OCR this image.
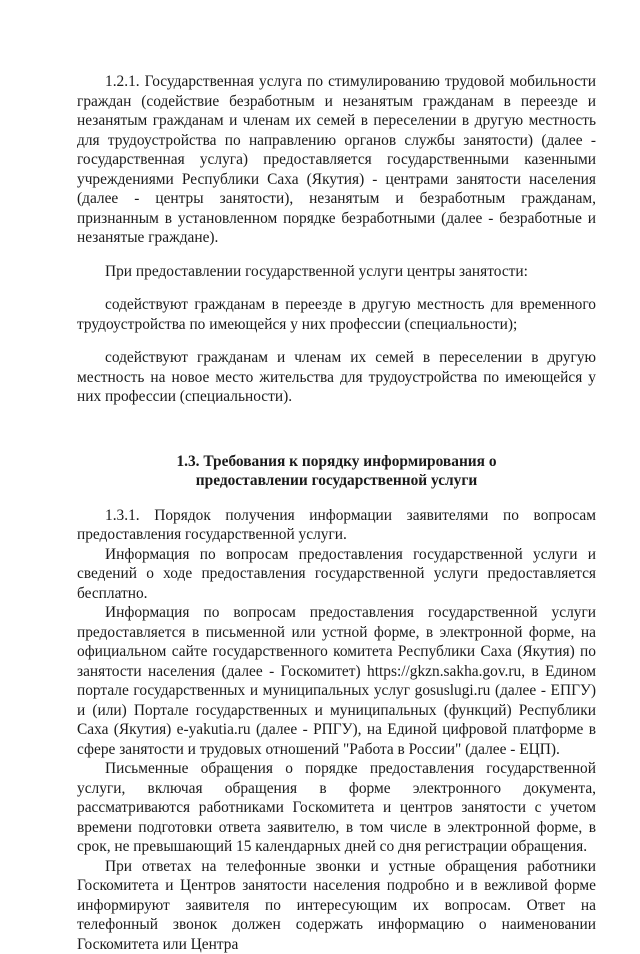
1.2.1. Государственная услуга по стимулированию трудовой мобильности граждан (содействие безработным и незанятым гражданам в переезде и незанятым гражданам и членам их семей в переселении в другую местность для трудоустройства по направлению органов службы занятости) (далее - государственная услуга) предоставляется государственными казенными учреждениями Республики Саха (Якутия) - центрами занятости населения (далее - центры занятости), незанятым и безработным гражданам, признанным в установленном порядке безработными (далее - безработные и незанятые граждане).

При предоставлении государственной услуги центры занятости:

содействуют гражданам в переезде в другую местность для временного трудоустройства по имеющейся у них профессии (специальности);

содействуют гражданам и членам их семей в переселении в другую местность на новое место жительства для трудоустройства по имеющейся у них профессии (специальности).

1.3. Требования к порядку информирования о предоставлении государственной услуги

1.3.1. Порядок получения информации заявителями по вопросам предоставления государственной услуги.

Информация по вопросам предоставления государственной услуги и сведений о ходе предоставления государственной услуги предоставляется бесплатно.

Информация по вопросам предоставления государственной услуги предоставляется в письменной или устной форме, в электронной форме, на официальном сайте государственного комитета Республики Саха (Якутия) по занятости населения (далее - Госкомитет) https://gkzn.sakha.gov.ru, в Едином портале государственных и муниципальных услуг gosuslugi.ru (далее - ЕПГУ) и (или) Портале государственных и муниципальных (функций) Республики Саха (Якутия) e-yakutia.ru (далее - РПГУ), на Единой цифровой платформе в сфере занятости и трудовых отношений "Работа в России" (далее - ЕЦП).

Письменные обращения о порядке предоставления государственной услуги, включая обращения в форме электронного документа, рассматриваются работниками Госкомитета и центров занятости с учетом времени подготовки ответа заявителю, в том числе в электронной форме, в срок, не превышающий 15 календарных дней со дня регистрации обращения.

При ответах на телефонные звонки и устные обращения работники Госкомитета и Центров занятости населения подробно и в вежливой форме информируют заявителя по интересующим их вопросам. Ответ на телефонный звонок должен содержать информацию о наименовании Госкомитета или Центра
